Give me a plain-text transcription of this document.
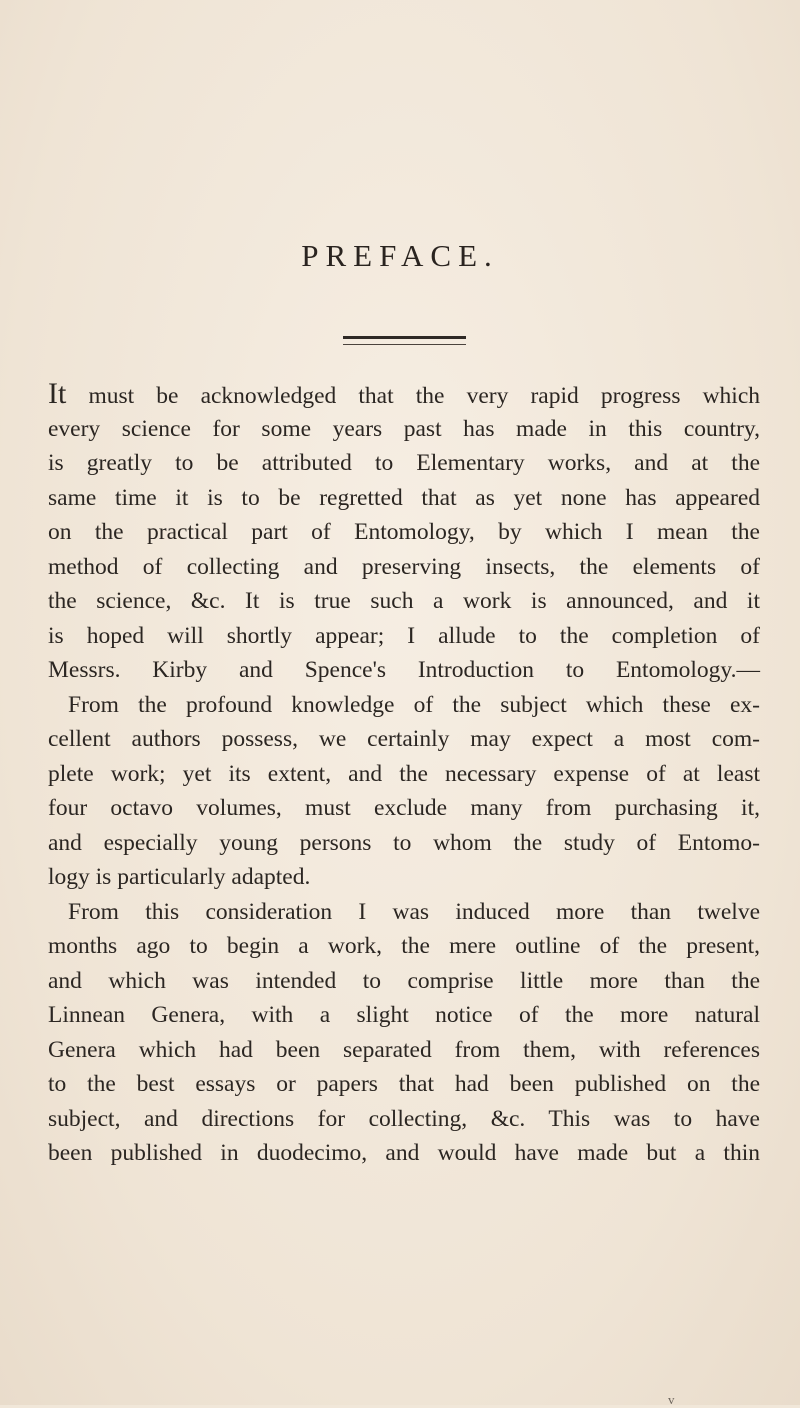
PREFACE.
It must be acknowledged that the very rapid progress which
every science for some years past has made in this country,
is greatly to be attributed to Elementary works, and at the
same time it is to be regretted that as yet none has appeared
on the practical part of Entomology, by which I mean the
method of collecting and preserving insects, the elements of
the science, &c. It is true such a work is announced, and it
is hoped will shortly appear; I allude to the completion of
Messrs. Kirby and Spence's Introduction to Entomology.—
From the profound knowledge of the subject which these ex-
cellent authors possess, we certainly may expect a most com-
plete work; yet its extent, and the necessary expense of at least
four octavo volumes, must exclude many from purchasing it,
and especially young persons to whom the study of Entomo-
logy is particularly adapted.
From this consideration I was induced more than twelve
months ago to begin a work, the mere outline of the present,
and which was intended to comprise little more than the
Linnean Genera, with a slight notice of the more natural
Genera which had been separated from them, with references
to the best essays or papers that had been published on the
subject, and directions for collecting, &c. This was to have
been published in duodecimo, and would have made but a thin
v
